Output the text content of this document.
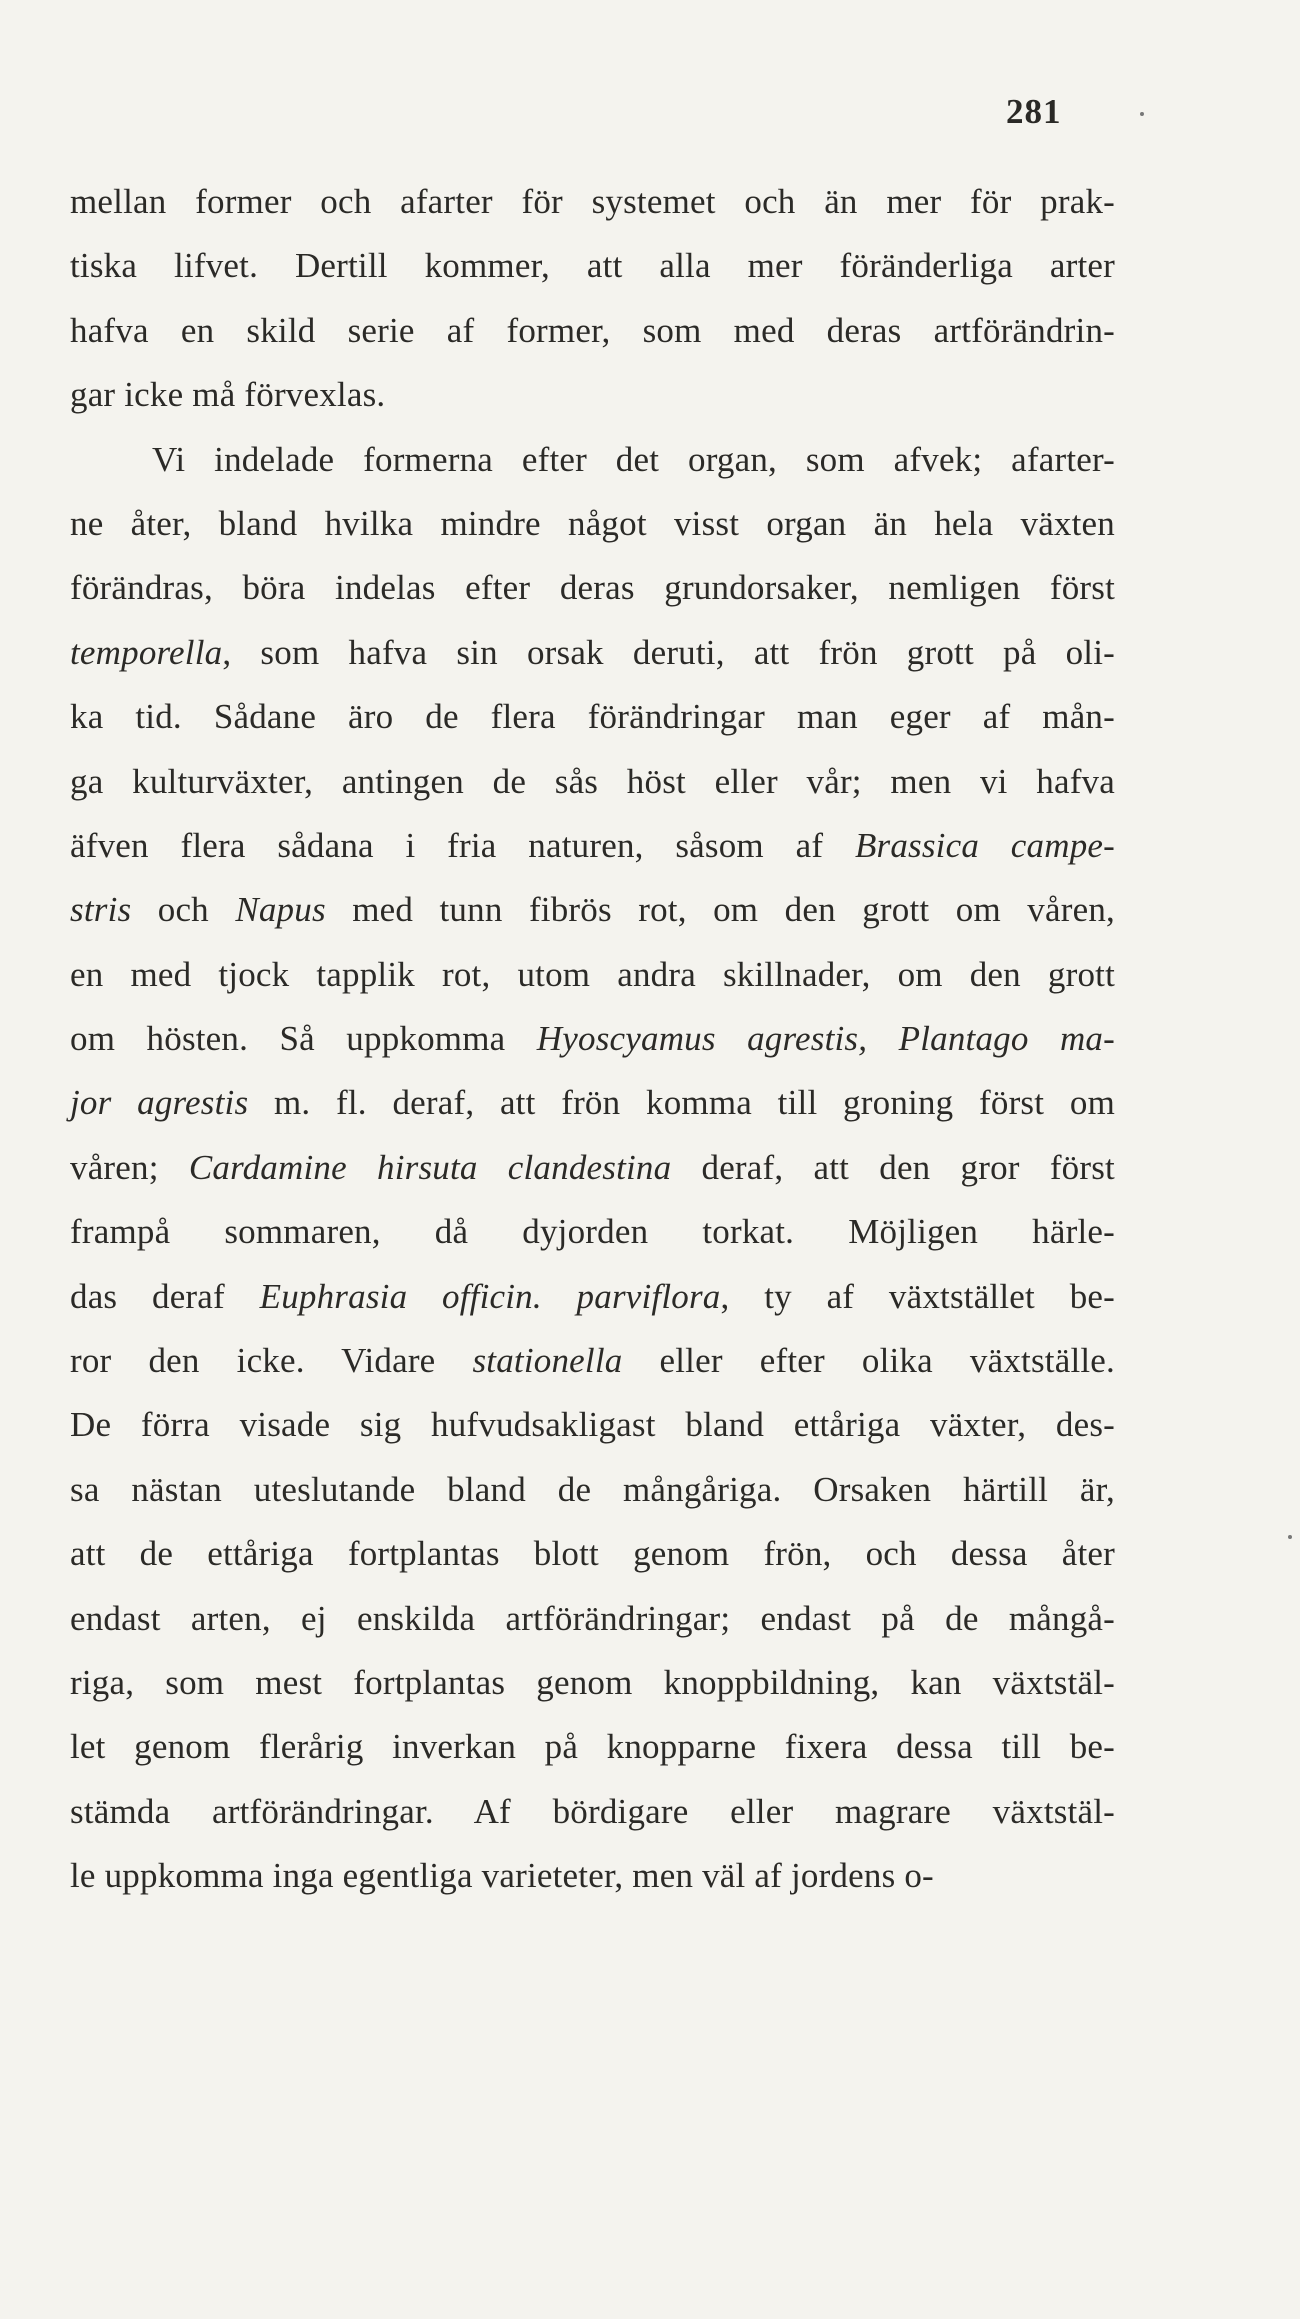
281
mellan former och afarter för systemet och än mer för prak-
tiska lifvet. Dertill kommer, att alla mer föränderliga arter
hafva en skild serie af former, som med deras artförändrin-
gar icke må förvexlas.
Vi indelade formerna efter det organ, som afvek; afarter-
ne åter, bland hvilka mindre något visst organ än hela växten
förändras, böra indelas efter deras grundorsaker, nemligen först
temporella, som hafva sin orsak deruti, att frön grott på oli-
ka tid. Sådane äro de flera förändringar man eger af mån-
ga kulturväxter, antingen de sås höst eller vår; men vi hafva
äfven flera sådana i fria naturen, såsom af Brassica campe-
stris och Napus med tunn fibrös rot, om den grott om våren,
en med tjock tapplik rot, utom andra skillnader, om den grott
om hösten. Så uppkomma Hyoscyamus agrestis, Plantago ma-
jor agrestis m. fl. deraf, att frön komma till groning först om
våren; Cardamine hirsuta clandestina deraf, att den gror först
frampå sommaren, då dyjorden torkat. Möjligen härle-
das deraf Euphrasia officin. parviflora, ty af växtstället be-
ror den icke. Vidare stationella eller efter olika växtställe.
De förra visade sig hufvudsakligast bland ettåriga växter, des-
sa nästan uteslutande bland de mångåriga. Orsaken härtill är,
att de ettåriga fortplantas blott genom frön, och dessa åter
endast arten, ej enskilda artförändringar; endast på de mångå-
riga, som mest fortplantas genom knoppbildning, kan växtstäl-
let genom flerårig inverkan på knopparne fixera dessa till be-
stämda artförändringar. Af bördigare eller magrare växtstäl-
le uppkomma inga egentliga varieteter, men väl af jordens o-
